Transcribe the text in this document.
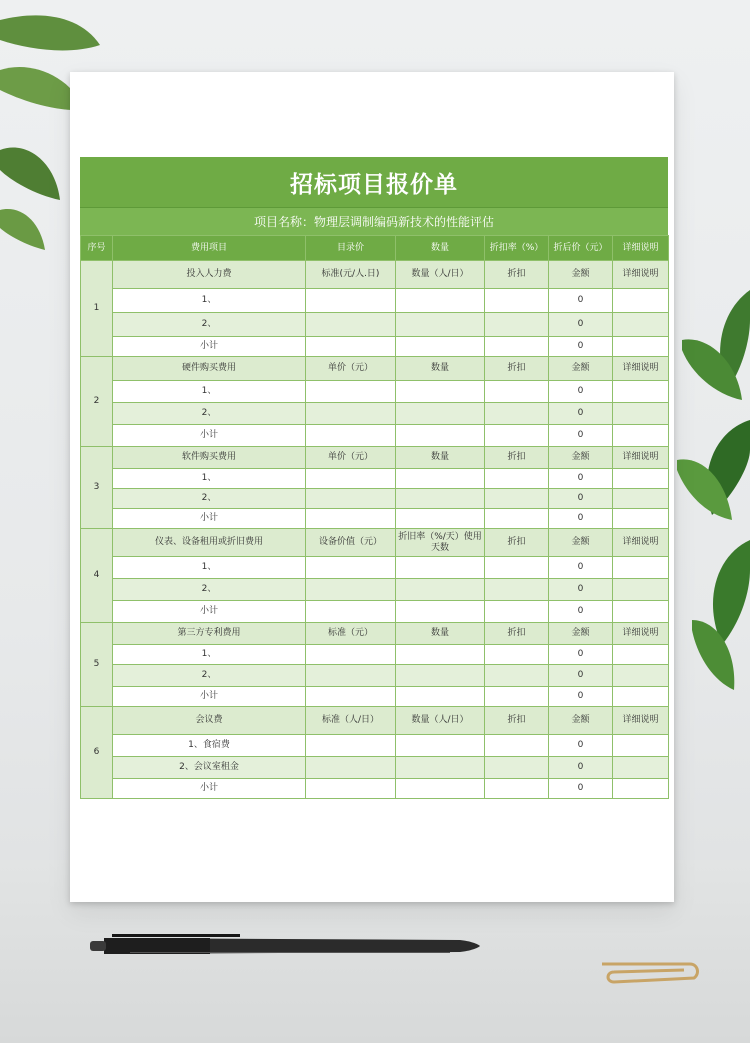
招标项目报价单
项目名称：物理层调制编码新技术的性能评估
序号	费用项目	目录价	数量	折扣率（%）	折后价（元）	详细说明
1	投入人力费	标准(元/人.日)	数量（人/日）	折扣	金额	详细说明
	1、				0	
	2、				0	
	小计				0	
2	硬件购买费用	单价（元）	数量	折扣	金额	详细说明
	1、				0	
	2、				0	
	小计				0	
3	软件购买费用	单价（元）	数量	折扣	金额	详细说明
	1、				0	
	2、				0	
	小计				0	
4	仪表、设备租用或折旧费用	设备价值（元）	折旧率（%/天）使用天数	折扣	金额	详细说明
	1、				0	
	2、				0	
	小计				0	
5	第三方专利费用	标准（元）	数量	折扣	金额	详细说明
	1、				0	
	2、				0	
	小计				0	
6	会议费	标准（人/日）	数量（人/日）	折扣	金额	详细说明
	1、食宿费				0	
	2、会议室租金				0	
	小计				0	
